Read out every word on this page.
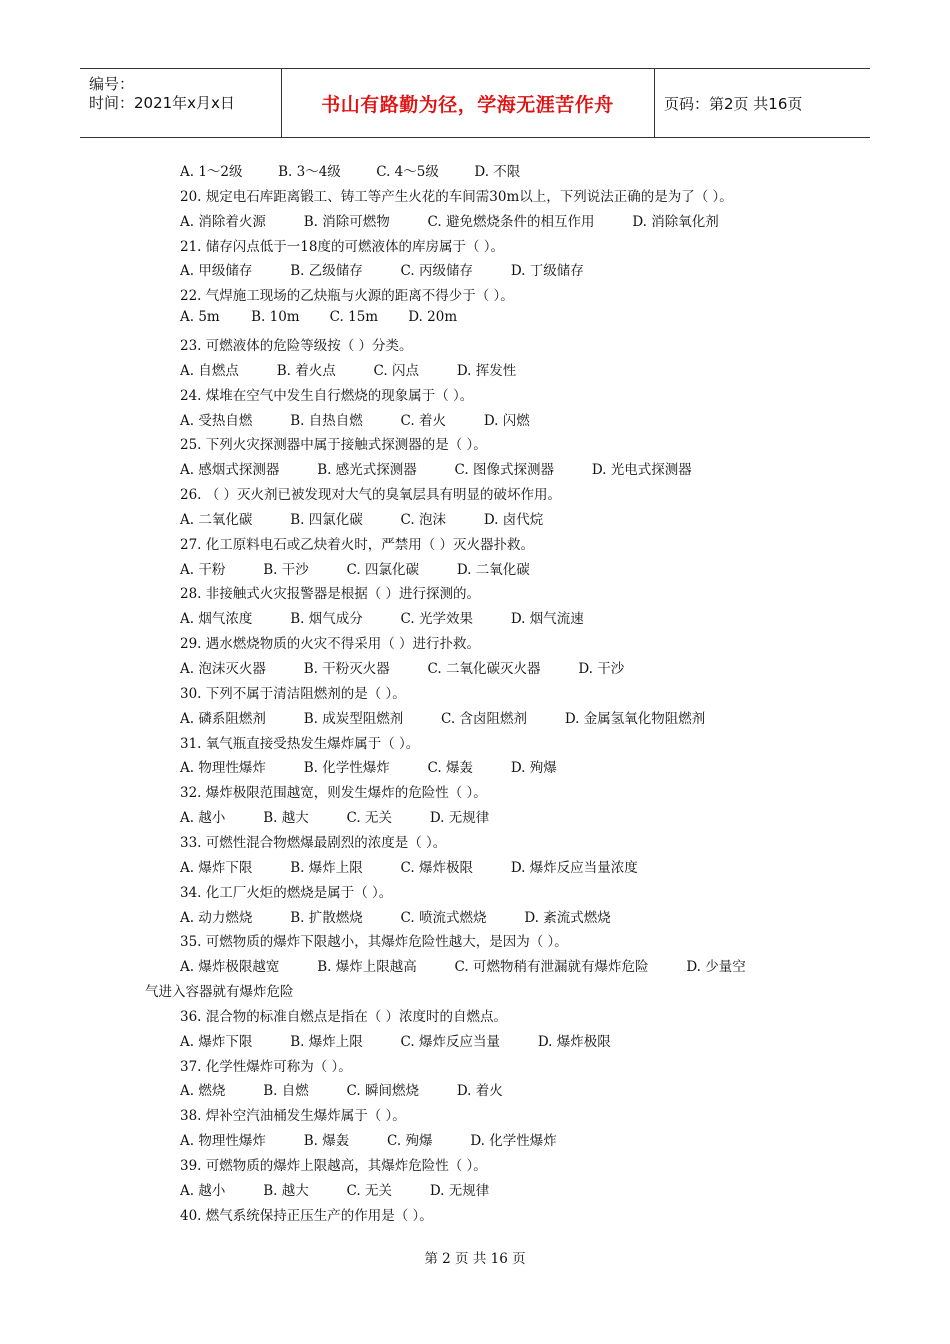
编号：
时间：2021年x月x日	书山有路勤为径，学海无涯苦作舟	页码：第2页 共16页
A. 1～2级	B. 3～4级	C. 4～5级	D. 不限
20. 规定电石库距离锻工、铸工等产生火花的车间需30m以上，下列说法正确的是为了（ ）。
A. 消除着火源	B. 消除可燃物	C. 避免燃烧条件的相互作用	D. 消除氧化剂
21. 储存闪点低于一18度的可燃液体的库房属于（ ）。
A. 甲级储存	B. 乙级储存	C. 丙级储存	D. 丁级储存
22. 气焊施工现场的乙炔瓶与火源的距离不得少于（ ）。
A. 5m B. 10m C. 15m D. 20m
23. 可燃液体的危险等级按（ ）分类。
A. 自燃点	B. 着火点	C. 闪点	D. 挥发性
24. 煤堆在空气中发生自行燃烧的现象属于（ ）。
A. 受热自燃	B. 自热自燃	C. 着火	D. 闪燃
25. 下列火灾探测器中属于接触式探测器的是（ ）。
A. 感烟式探测器	B. 感光式探测器	C. 图像式探测器	D. 光电式探测器
26. （ ）灭火剂已被发现对大气的臭氧层具有明显的破坏作用。
A. 二氧化碳	B. 四氯化碳	C. 泡沫	D. 卤代烷
27. 化工原料电石或乙炔着火时，严禁用（ ）灭火器扑救。
A. 干粉	B. 干沙	C. 四氯化碳	D. 二氧化碳
28. 非接触式火灾报警器是根据（ ）进行探测的。
A. 烟气浓度	B. 烟气成分	C. 光学效果	D. 烟气流速
29. 遇水燃烧物质的火灾不得采用（ ）进行扑救。
A. 泡沫灭火器	B. 干粉灭火器	C. 二氧化碳灭火器	D. 干沙
30. 下列不属于清洁阻燃剂的是（ ）。
A. 磷系阻燃剂	B. 成炭型阻燃剂	C. 含卤阻燃剂	D. 金属氢氧化物阻燃剂
31. 氧气瓶直接受热发生爆炸属于（ ）。
A. 物理性爆炸	B. 化学性爆炸	C. 爆轰	D. 殉爆
32. 爆炸极限范围越宽，则发生爆炸的危险性（ ）。
A. 越小	B. 越大	C. 无关	D. 无规律
33. 可燃性混合物燃爆最剧烈的浓度是（ ）。
A. 爆炸下限	B. 爆炸上限	C. 爆炸极限	D. 爆炸反应当量浓度
34. 化工厂火炬的燃烧是属于（ ）。
A. 动力燃烧	B. 扩散燃烧	C. 喷流式燃烧	D. 紊流式燃烧
35. 可燃物质的爆炸下限越小，其爆炸危险性越大，是因为（ ）。
A. 爆炸极限越宽	B. 爆炸上限越高	C. 可燃物稍有泄漏就有爆炸危险	D. 少量空
气进入容器就有爆炸危险
36. 混合物的标准自燃点是指在（ ）浓度时的自燃点。
A. 爆炸下限	B. 爆炸上限	C. 爆炸反应当量	D. 爆炸极限
37. 化学性爆炸可称为（ ）。
A. 燃烧	B. 自燃	C. 瞬间燃烧	D. 着火
38. 焊补空汽油桶发生爆炸属于（ ）。
A. 物理性爆炸	B. 爆轰	C. 殉爆	D. 化学性爆炸
39. 可燃物质的爆炸上限越高，其爆炸危险性（ ）。
A. 越小	B. 越大	C. 无关	D. 无规律
40. 燃气系统保持正压生产的作用是（ ）。
第 2 页 共 16 页
